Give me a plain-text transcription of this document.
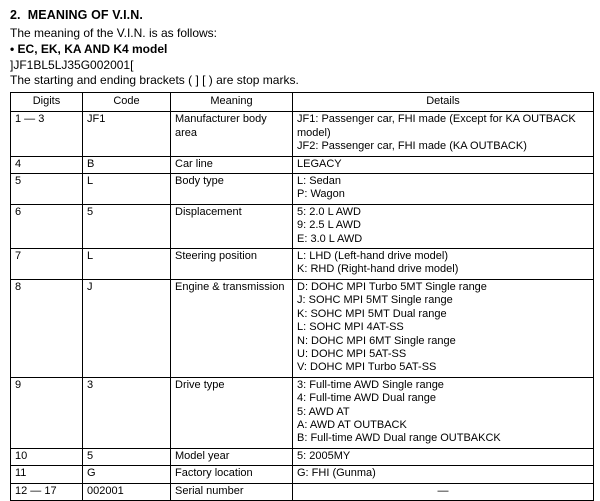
2. MEANING OF V.I.N.
The meaning of the V.I.N. is as follows:
• EC, EK, KA AND K4 model
]JF1BL5LJ35G002001[
The starting and ending brackets ( ] [ ) are stop marks.
Digits	Code	Meaning	Details
1 — 3	JF1	Manufacturer body area	JF1: Passenger car, FHI made (Except for KA OUTBACK model)
JF2: Passenger car, FHI made (KA OUTBACK)

4	B	Car line	LEGACY

5	L	Body type	L: Sedan
P: Wagon

6	5	Displacement	5: 2.0 L AWD
9: 2.5 L AWD
E: 3.0 L AWD

7	L	Steering position	L: LHD (Left-hand drive model)
K: RHD (Right-hand drive model)

8	J	Engine & transmission	D: DOHC MPI Turbo 5MT Single range
J: SOHC MPI 5MT Single range
K: SOHC MPI 5MT Dual range
L: SOHC MPI 4AT-SS
N: DOHC MPI 6MT Single range
U: DOHC MPI 5AT-SS
V: DOHC MPI Turbo 5AT-SS

9	3	Drive type	3: Full-time AWD Single range
4: Full-time AWD Dual range
5: AWD AT
A: AWD AT OUTBACK
B: Full-time AWD Dual range OUTBAKCK

10	5	Model year	5: 2005MY

11	G	Factory location	G: FHI (Gunma)

12 — 17	002001	Serial number	—
